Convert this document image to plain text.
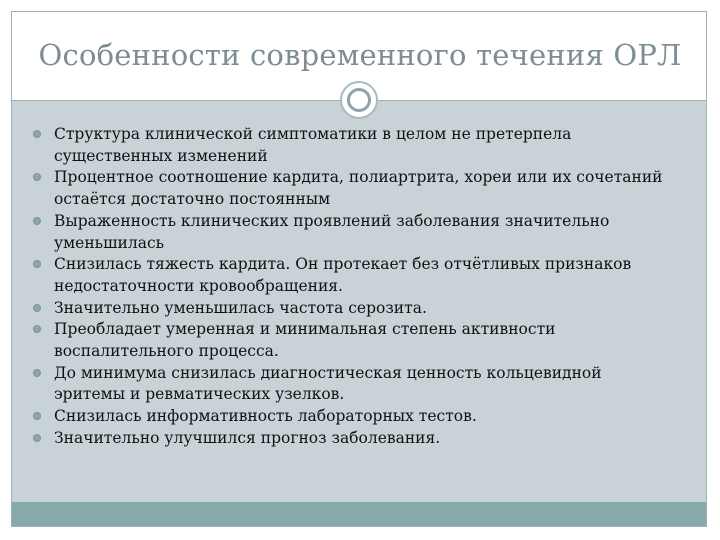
Особенности современного течения ОРЛ
Структура клинической симптоматики в целом не претерпела
существенных изменений
Процентное соотношение кардита, полиартрита, хореи или их сочетаний
остаётся достаточно постоянным
Выраженность клинических проявлений заболевания значительно
уменьшилась
Снизилась тяжесть кардита. Он протекает без отчётливых признаков
недостаточности кровообращения.
Значительно уменьшилась частота серозита.
Преобладает умеренная и минимальная степень активности
воспалительного процесса.
До минимума снизилась диагностическая ценность кольцевидной
эритемы и ревматических узелков.
Снизилась информативность лабораторных тестов.
Значительно улучшился прогноз заболевания.
